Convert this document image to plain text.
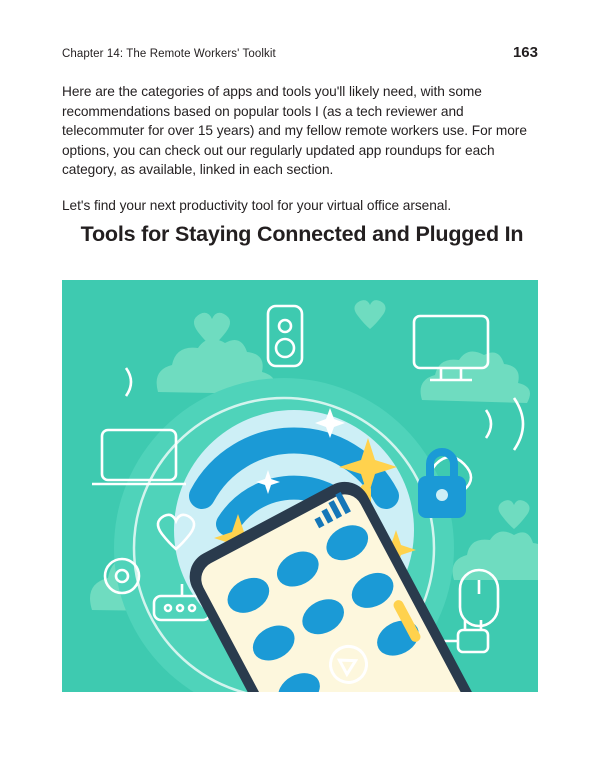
Chapter 14: The Remote Workers' Toolkit	163

Here are the categories of apps and tools you'll likely need, with some recommendations based on popular tools I (as a tech reviewer and telecommuter for over 15 years) and my fellow remote workers use. For more options, you can check out our regularly updated app roundups for each category, as available, linked in each section.

Let's find your next productivity tool for your virtual office arsenal.

Tools for Staying Connected and Plugged In
